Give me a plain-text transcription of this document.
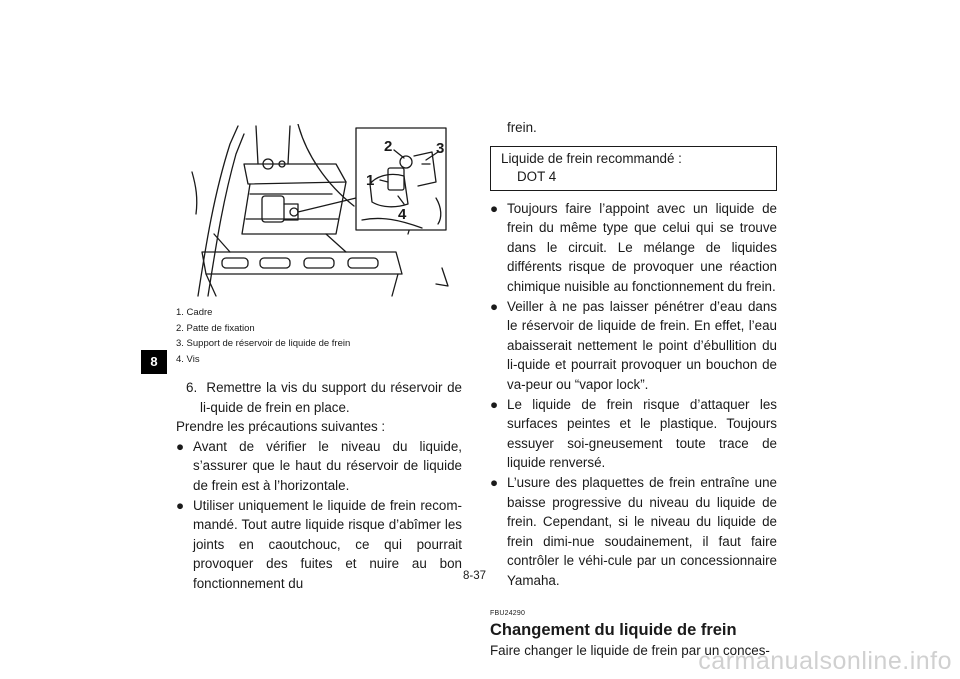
8
1
2	3
4
1. Cadre
2. Patte de fixation
3. Support de réservoir de liquide de frein
4. Vis
6. Remettre la vis du support du réservoir de li-quide de frein en place.
Prendre les précautions suivantes :
● Avant de vérifier le niveau du liquide, s’assurer que le haut du réservoir de liquide de frein est à l’horizontale.
● Utiliser uniquement le liquide de frein recom-mandé. Tout autre liquide risque d’abîmer les joints en caoutchouc, ce qui pourrait provoquer des fuites et nuire au bon fonctionnement du
frein.
Liquide de frein recommandé :
DOT 4
● Toujours faire l’appoint avec un liquide de frein du même type que celui qui se trouve dans le circuit. Le mélange de liquides différents risque de provoquer une réaction chimique nuisible au fonctionnement du frein.
● Veiller à ne pas laisser pénétrer d’eau dans le réservoir de liquide de frein. En effet, l’eau abaisserait nettement le point d’ébullition du li-quide et pourrait provoquer un bouchon de va-peur ou “vapor lock”.
● Le liquide de frein risque d’attaquer les surfaces peintes et le plastique. Toujours essuyer soi-gneusement toute trace de liquide renversé.
● L’usure des plaquettes de frein entraîne une baisse progressive du niveau du liquide de frein. Cependant, si le niveau du liquide de frein dimi-nue soudainement, il faut faire contrôler le véhi-cule par un concessionnaire Yamaha.
FBU24290
Changement du liquide de frein
Faire changer le liquide de frein par un conces-
8-37
carmanualsonline.info
